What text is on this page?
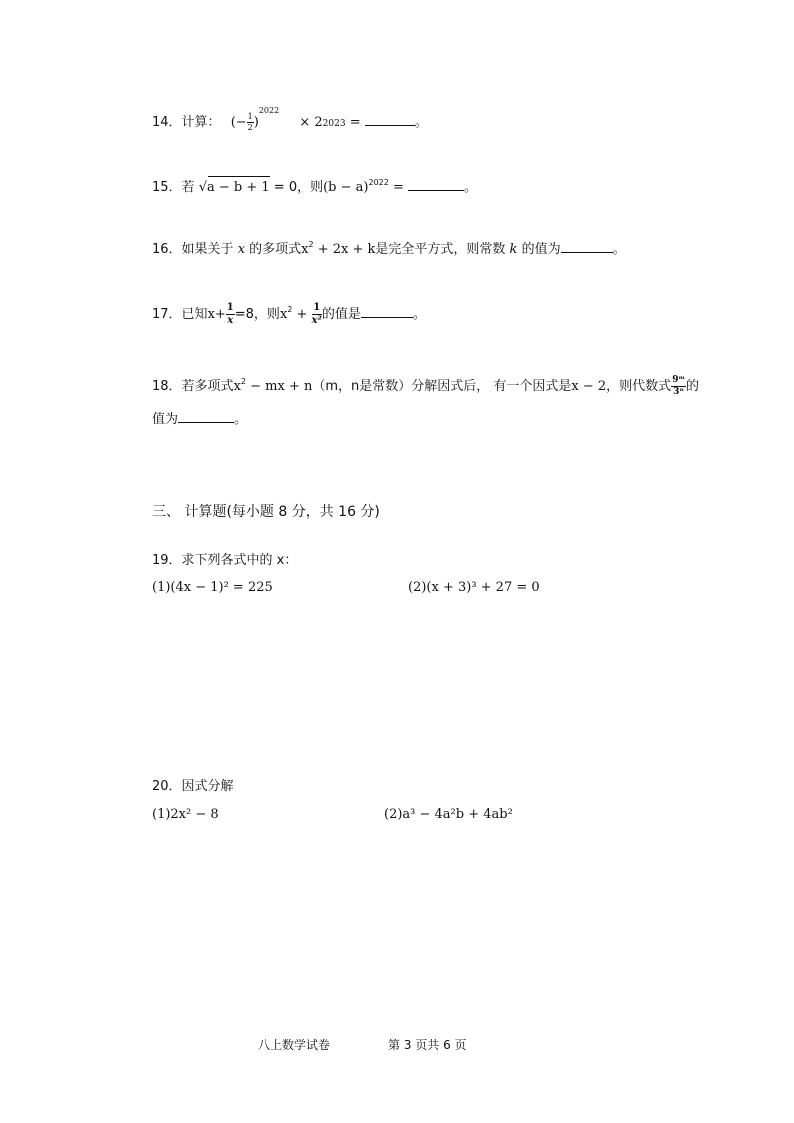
14．计算： (− $\frac{1}{2} )^{2022} \times 22023$ =	。
15．若 √
a − b + 1 = 0，则$(b - a)^{2022}$ =	。
16．如果关于 x 的多项式$x^2 + 2x + k$是完全平方式，则常数 k 的值为	。
17．已知$x+ \frac{1}{x} =8$，则$x^2 + \frac{1}{\text{x²}}$ 的值是	。
18．若多项式$x^2$ − mx + n（m，n是常数）分解因式后， 有一个因式是x − 2，则代数式 $\frac{\text{9ᵐ}}{\text{3ⁿ}}$ 的
值为	。
三、 计算题(每小题 8 分，共 16 分)
19．求下列各式中的 x：
(1)(4x − 1)² = 225	(2)(x + 3)³ + 27 = 0
20．因式分解
(1)2x² − 8	(2)a³ − 4a²b + 4ab²
八上数学试卷	第 3 页共 6 页
